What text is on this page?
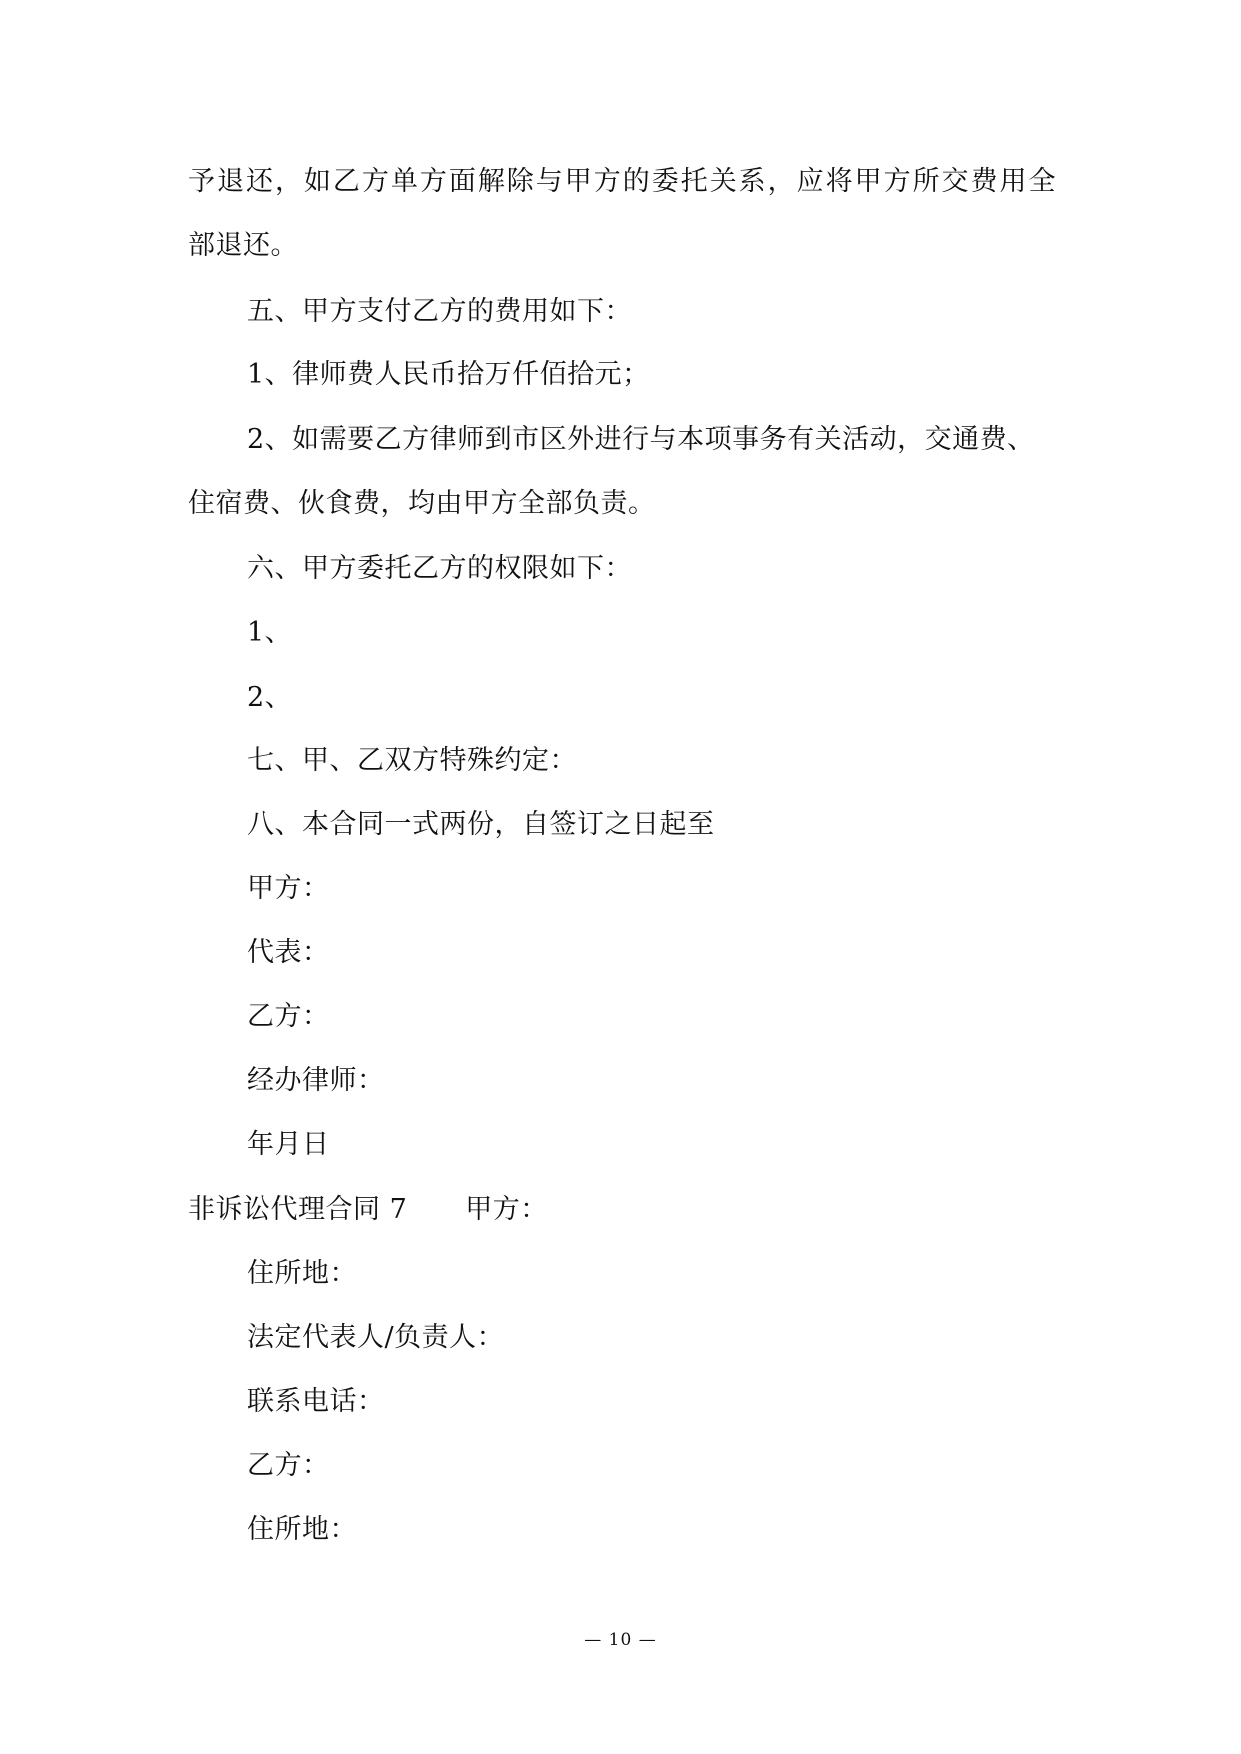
予退还，如乙方单方面解除与甲方的委托关系，应将甲方所交费用全
部退还。
五、甲方支付乙方的费用如下：
1、律师费人民币拾万仟佰拾元；
2、如需要乙方律师到市区外进行与本项事务有关活动，交通费、
住宿费、伙食费，均由甲方全部负责。
六、甲方委托乙方的权限如下：
1、
2、
七、甲、乙双方特殊约定：
八、本合同一式两份，自签订之日起至
甲方：
代表：
乙方：
经办律师：
年月日
非诉讼代理合同 7 甲方：
住所地：
法定代表人/负责人：
联系电话：
乙方：
住所地：
— 10 —
